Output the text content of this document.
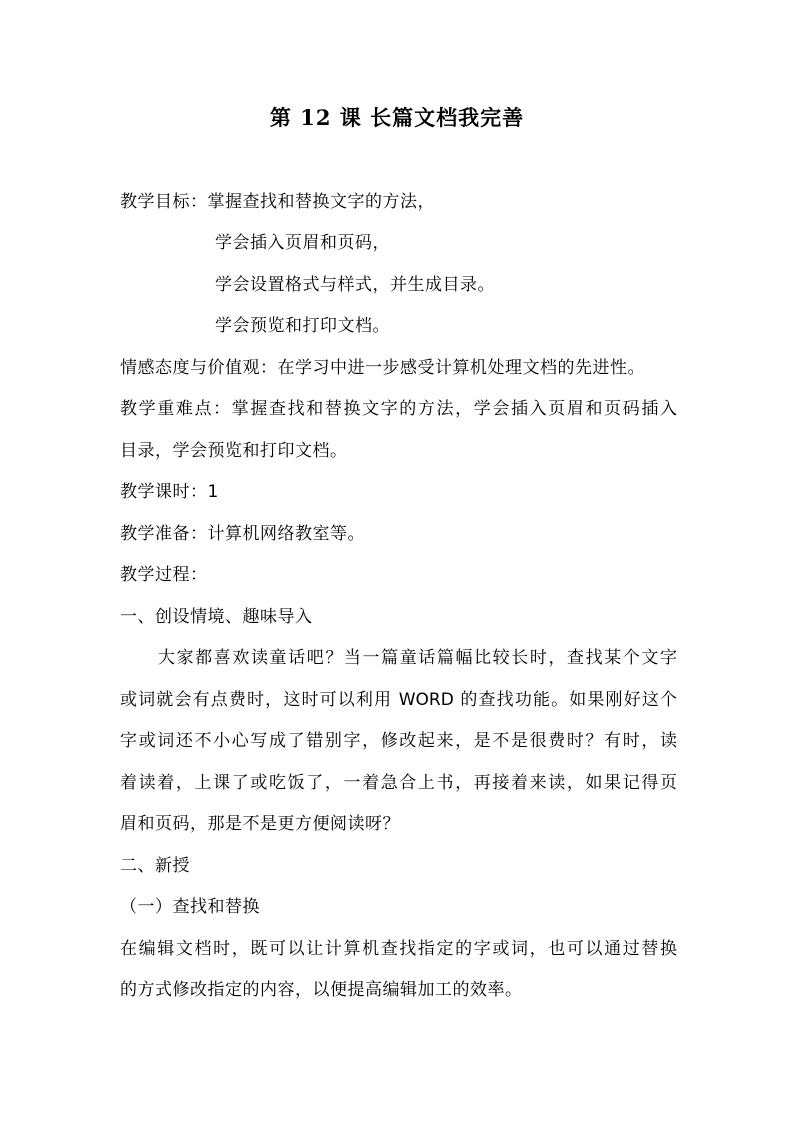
第 12 课 长篇文档我完善
教学目标：掌握查找和替换文字的方法，
学会插入页眉和页码，
学会设置格式与样式，并生成目录。
学会预览和打印文档。
情感态度与价值观：在学习中进一步感受计算机处理文档的先进性。
教学重难点：掌握查找和替换文字的方法，学会插入页眉和页码插入
目录，学会预览和打印文档。
教学课时：1
教学准备：计算机网络教室等。
教学过程：
一、创设情境、趣味导入
大家都喜欢读童话吧？当一篇童话篇幅比较长时，查找某个文字
或词就会有点费时，这时可以利用 WORD 的查找功能。如果刚好这个
字或词还不小心写成了错别字，修改起来，是不是很费时？有时，读
着读着，上课了或吃饭了，一着急合上书，再接着来读，如果记得页
眉和页码，那是不是更方便阅读呀？
二、新授
（一）查找和替换
在编辑文档时，既可以让计算机查找指定的字或词，也可以通过替换
的方式修改指定的内容，以便提高编辑加工的效率。
